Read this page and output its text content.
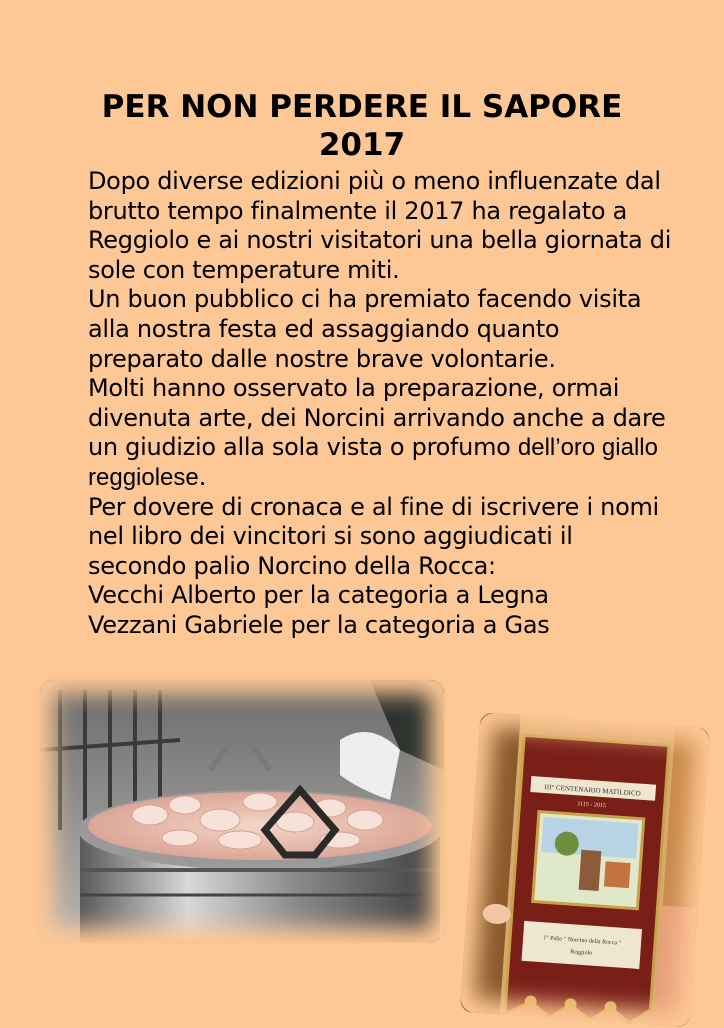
PER NON PERDERE IL SAPORE
2017

Dopo diverse edizioni più o meno influenzate dal brutto tempo finalmente il 2017 ha regalato a Reggiolo e ai nostri visitatori una bella giornata di sole con temperature miti.

Un buon pubblico ci ha premiato facendo visita alla nostra festa ed assaggiando quanto preparato dalle nostre brave volontarie.

Molti hanno osservato la preparazione, ormai divenuta arte, dei Norcini arrivando anche a dare un giudizio alla sola vista o profumo dell’oro giallo reggiolese.

Per dovere di cronaca e al fine di iscrivere i nomi nel libro dei vincitori si sono aggiudicati il secondo palio Norcino della Rocca:

Vecchi Alberto per la categoria a Legna

Vezzani Gabriele per la categoria a Gas

III° CENTENARIO MATILDICO
1115 - 2015
1° Palio " Norcino della Rocca "
Reggiolo
